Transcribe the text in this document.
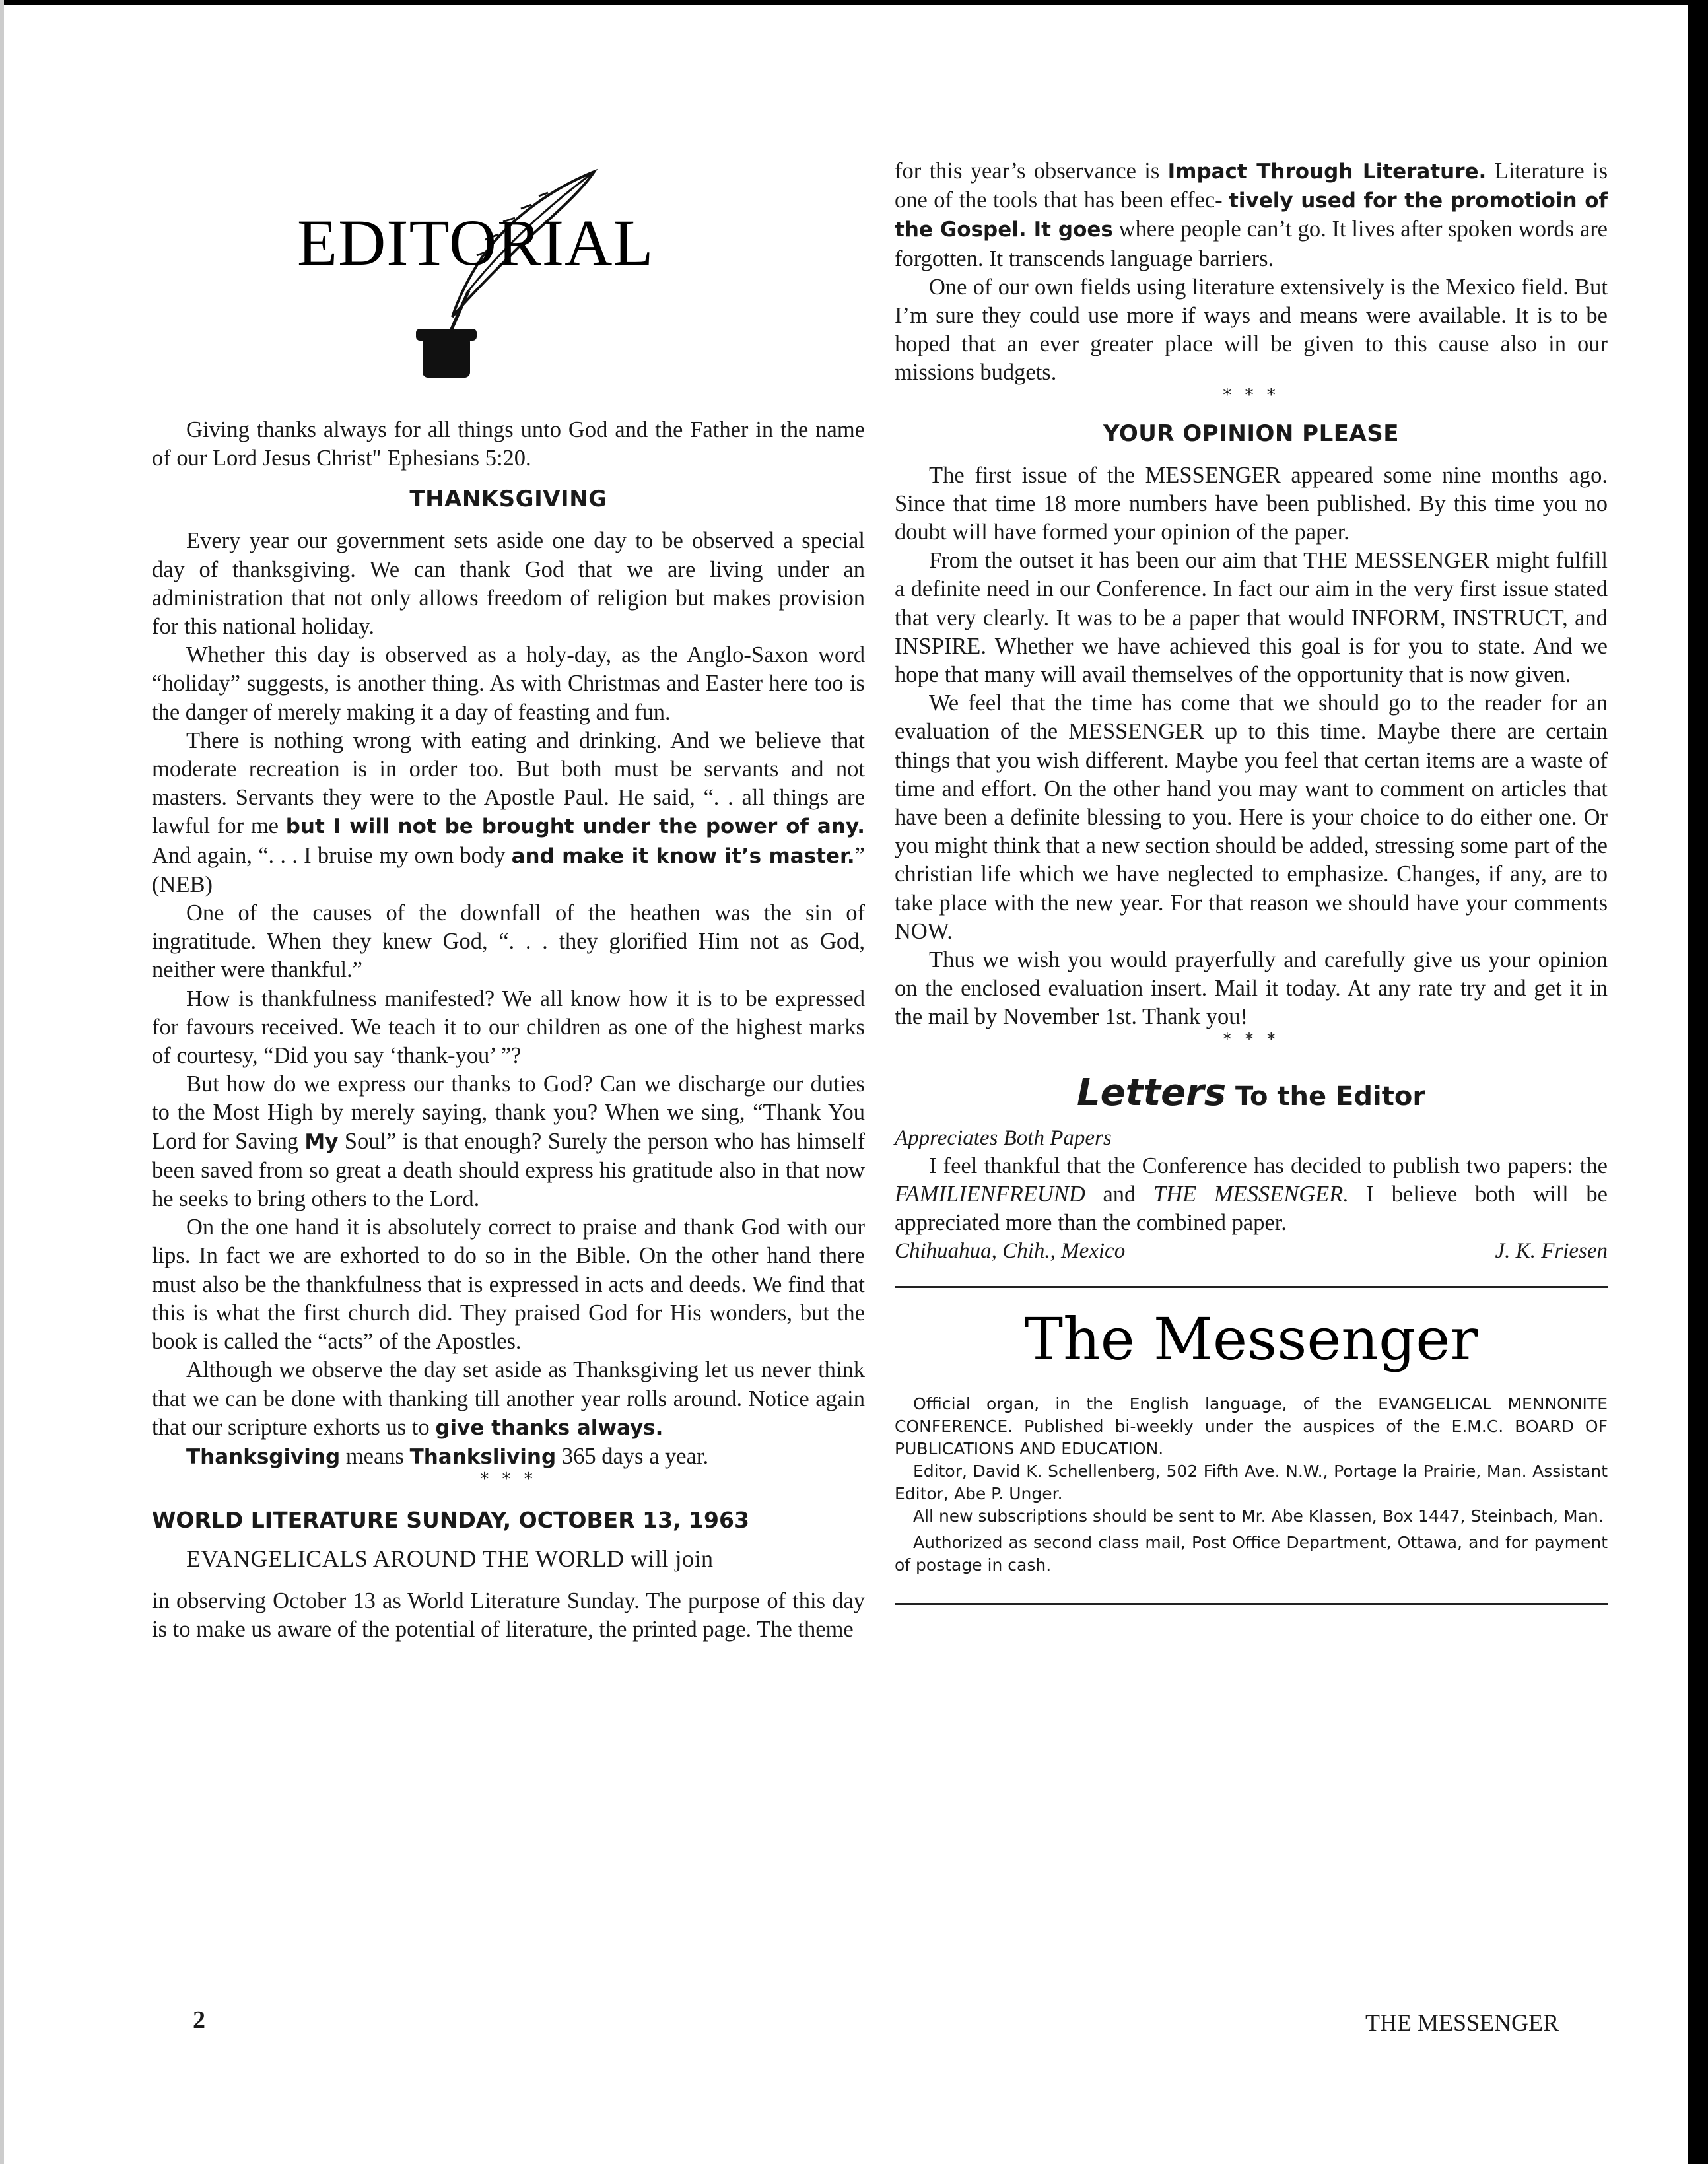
EDITORIAL

Giving thanks always for all things unto God and the Father in the name of our Lord Jesus Christ" Ephesians 5:20.

THANKSGIVING

Every year our government sets aside one day to be observed a special day of thanksgiving. We can thank God that we are living under an administration that not only allows freedom of religion but makes provision for this national holiday.

Whether this day is observed as a holy-day, as the Anglo-Saxon word “holiday” suggests, is another thing. As with Christmas and Easter here too is the danger of merely making it a day of feasting and fun.

There is nothing wrong with eating and drinking. And we believe that moderate recreation is in order too. But both must be servants and not masters. Servants they were to the Apostle Paul. He said, “. . all things are lawful for me but I will not be brought under the power of any. And again, “. . . I bruise my own body and make it know it’s master.” (NEB)

One of the causes of the downfall of the heathen was the sin of ingratitude. When they knew God, “. . . they glorified Him not as God, neither were thankful.”

How is thankfulness manifested? We all know how it is to be expressed for favours received. We teach it to our children as one of the highest marks of courtesy, “Did you say ‘thank-you’ ”?

But how do we express our thanks to God? Can we discharge our duties to the Most High by merely saying, thank you? When we sing, “Thank You Lord for Saving My Soul” is that enough? Surely the person who has himself been saved from so great a death should express his gratitude also in that now he seeks to bring others to the Lord.

On the one hand it is absolutely correct to praise and thank God with our lips. In fact we are exhorted to do so in the Bible. On the other hand there must also be the thankfulness that is expressed in acts and deeds. We find that this is what the first church did. They praised God for His wonders, but the book is called the “acts” of the Apostles.

Although we observe the day set aside as Thanksgiving let us never think that we can be done with thanking till another year rolls around. Notice again that our scripture exhorts us to give thanks always.

Thanksgiving means Thanksliving 365 days a year.

* * *
WORLD LITERATURE SUNDAY, OCTOBER 13, 1963
EVANGELICALS AROUND THE WORLD will join

in observing October 13 as World Literature Sunday. The purpose of this day is to make us aware of the potential of literature, the printed page. The theme

for this year’s observance is Impact Through Literature. Literature is one of the tools that has been effec- tively used for the promotioin of the Gospel. It goes where people can’t go. It lives after spoken words are forgotten. It transcends language barriers.

One of our own fields using literature extensively is the Mexico field. But I’m sure they could use more if ways and means were available. It is to be hoped that an ever greater place will be given to this cause also in our missions budgets.

* * *
YOUR OPINION PLEASE

The first issue of the MESSENGER appeared some nine months ago. Since that time 18 more numbers have been published. By this time you no doubt will have formed your opinion of the paper.

From the outset it has been our aim that THE MESSENGER might fulfill a definite need in our Conference. In fact our aim in the very first issue stated that very clearly. It was to be a paper that would INFORM, INSTRUCT, and INSPIRE. Whether we have achieved this goal is for you to state. And we hope that many will avail themselves of the opportunity that is now given.

We feel that the time has come that we should go to the reader for an evaluation of the MESSENGER up to this time. Maybe there are certain things that you wish different. Maybe you feel that certan items are a waste of time and effort. On the other hand you may want to comment on articles that have been a definite blessing to you. Here is your choice to do either one. Or you might think that a new section should be added, stressing some part of the christian life which we have neglected to emphasize. Changes, if any, are to take place with the new year. For that reason we should have your comments NOW.

Thus we wish you would prayerfully and carefully give us your opinion on the enclosed evaluation insert. Mail it today. At any rate try and get it in the mail by November 1st. Thank you!

* * *
Letters To the Editor
Appreciates Both Papers

I feel thankful that the Conference has decided to publish two papers: the FAMILIENFREUND and THE MESSENGER. I believe both will be appreciated more than the combined paper.

Chihuahua, Chih., Mexico	J. K. Friesen
The Messenger

Official organ, in the English language, of the EVANGELICAL MENNONITE CONFERENCE. Published bi-weekly under the auspices of the E.M.C. BOARD OF PUBLICATIONS AND EDUCATION.

Editor, David K. Schellenberg, 502 Fifth Ave. N.W., Portage la Prairie, Man. Assistant Editor, Abe P. Unger.

All new subscriptions should be sent to Mr. Abe Klassen, Box 1447, Steinbach, Man.

Authorized as second class mail, Post Office Department, Ottawa, and for payment of postage in cash.

2	THE MESSENGER
